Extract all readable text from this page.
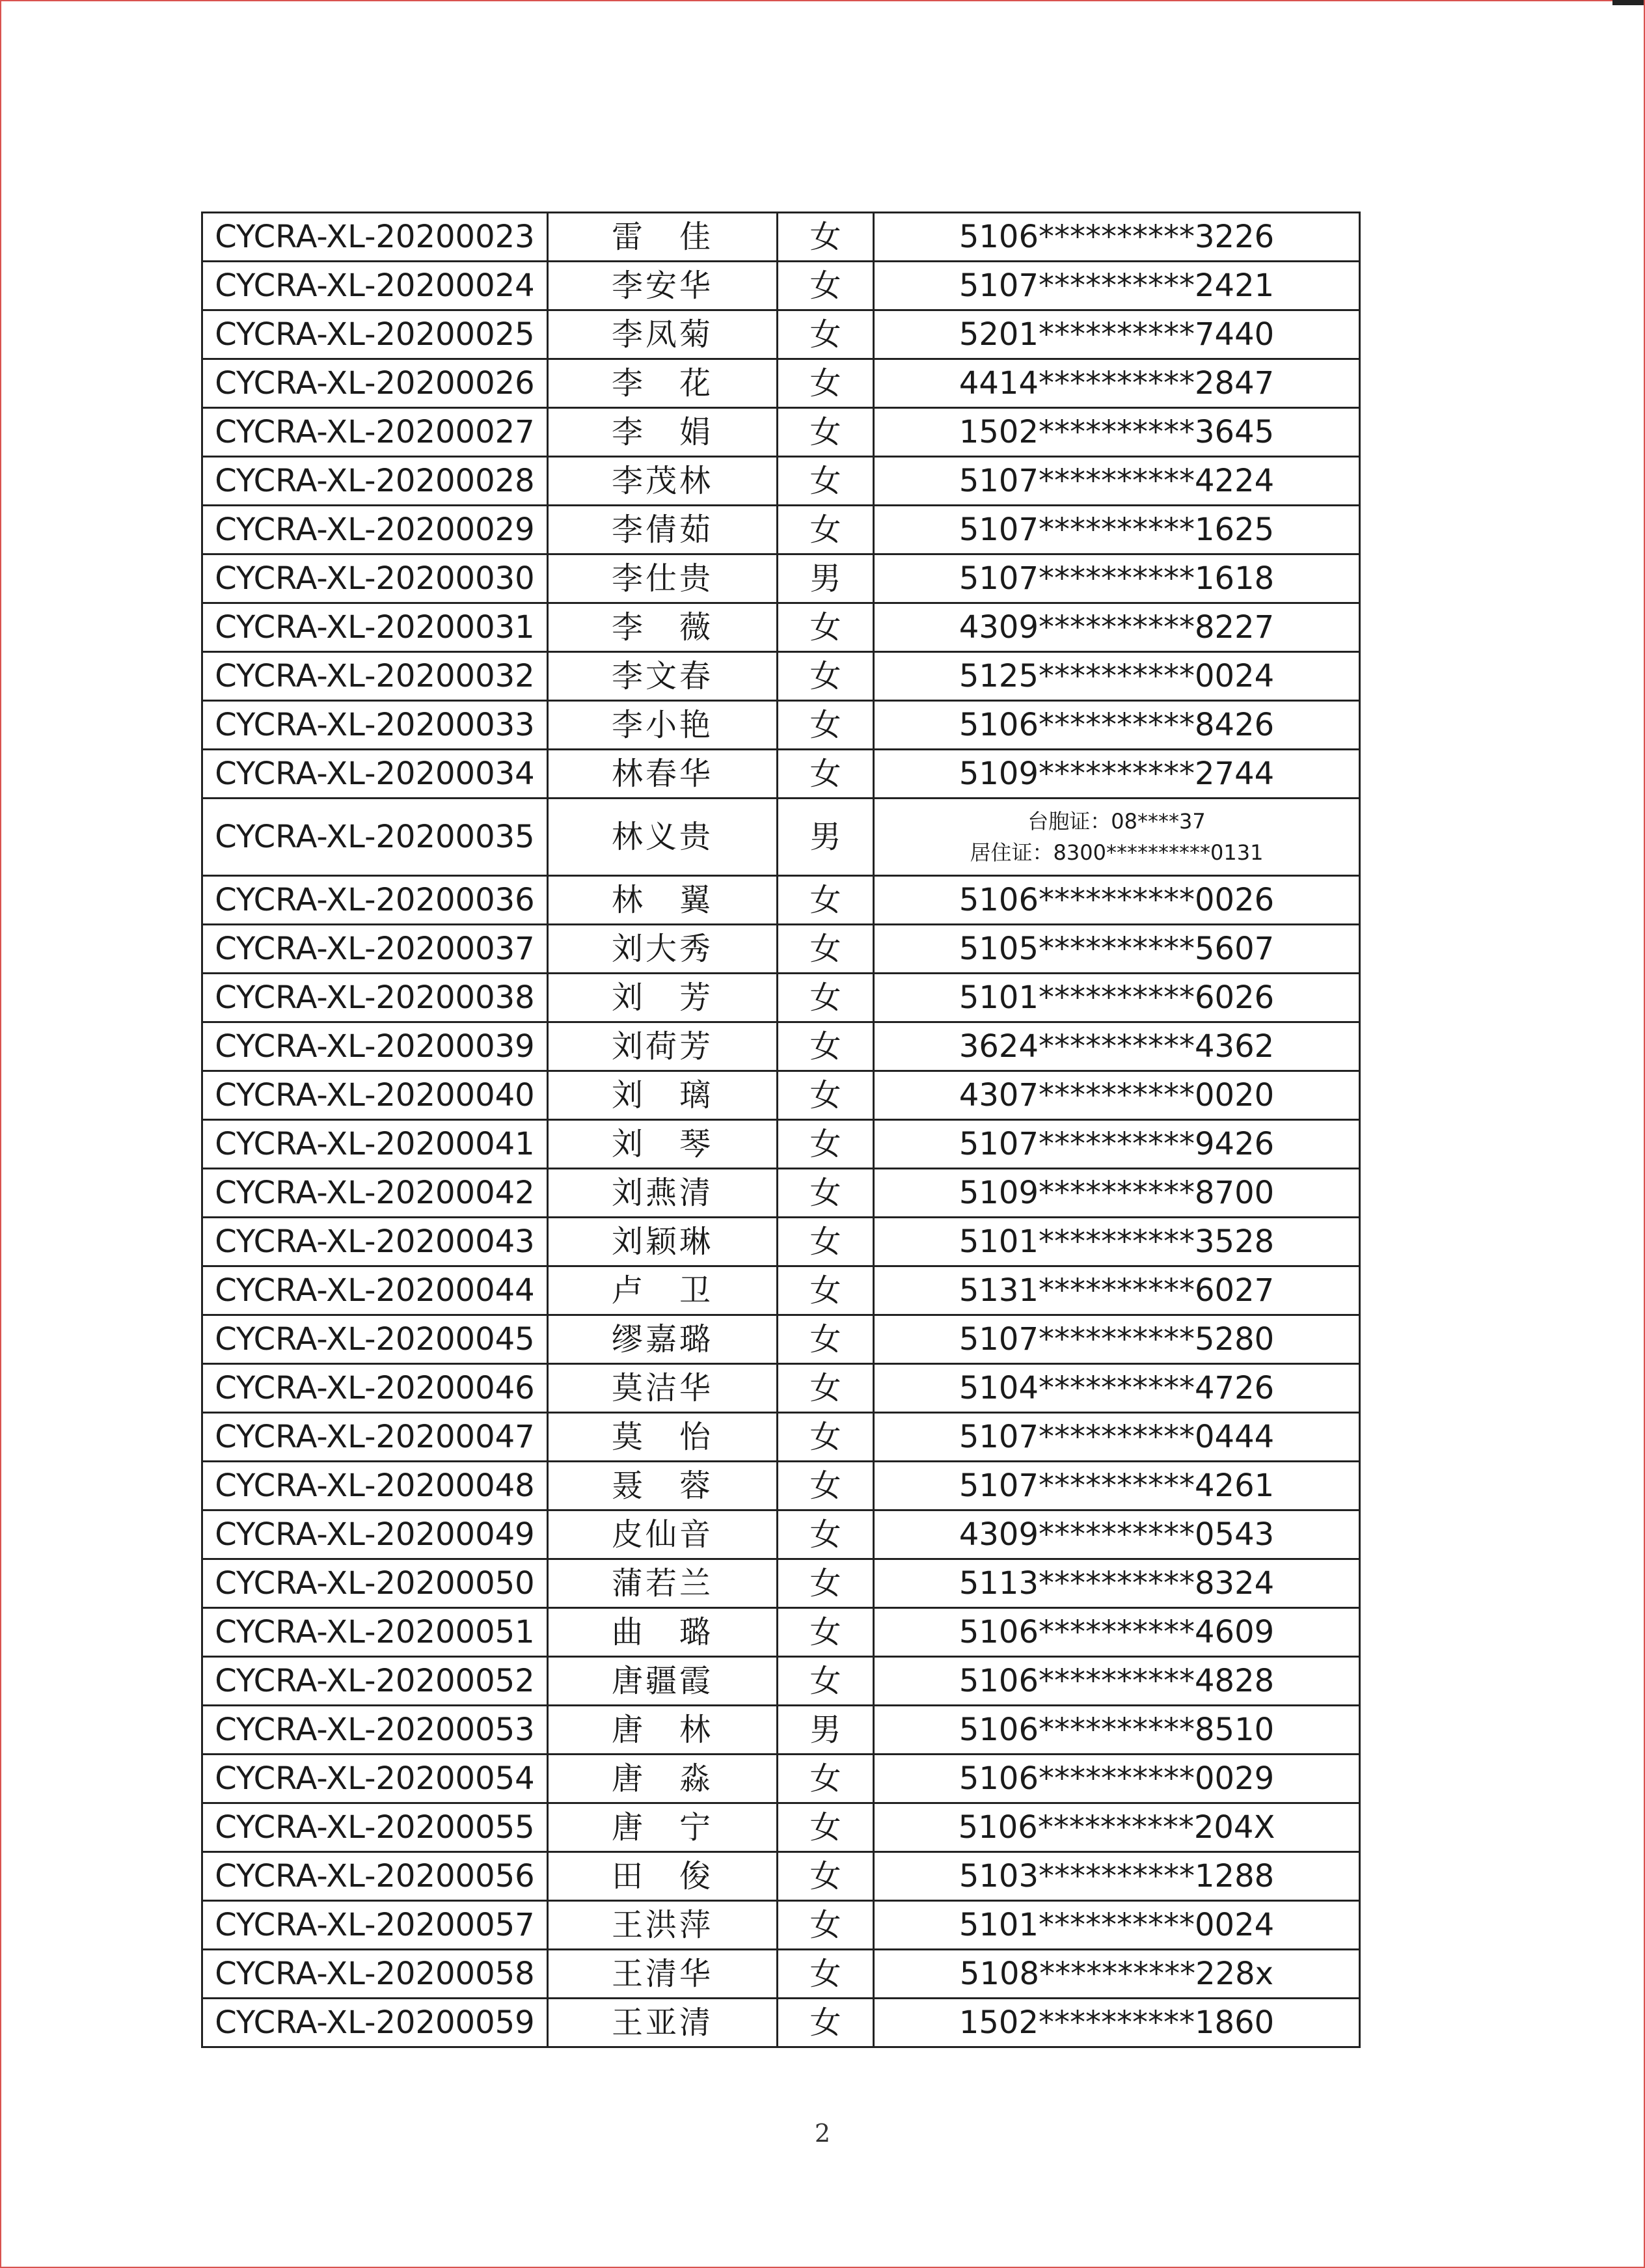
CYCRA-XL-20200023	雷　佳	女	5106**********3226
CYCRA-XL-20200024	李安华	女	5107**********2421
CYCRA-XL-20200025	李凤菊	女	5201**********7440
CYCRA-XL-20200026	李　花	女	4414**********2847
CYCRA-XL-20200027	李　娟	女	1502**********3645
CYCRA-XL-20200028	李茂林	女	5107**********4224
CYCRA-XL-20200029	李倩茹	女	5107**********1625
CYCRA-XL-20200030	李仕贵	男	5107**********1618
CYCRA-XL-20200031	李　薇	女	4309**********8227
CYCRA-XL-20200032	李文春	女	5125**********0024
CYCRA-XL-20200033	李小艳	女	5106**********8426
CYCRA-XL-20200034	林春华	女	5109**********2744
CYCRA-XL-20200035	林义贵	男	台胞证：08****37
居住证：8300**********0131

CYCRA-XL-20200036	林　翼	女	5106**********0026
CYCRA-XL-20200037	刘大秀	女	5105**********5607
CYCRA-XL-20200038	刘　芳	女	5101**********6026
CYCRA-XL-20200039	刘荷芳	女	3624**********4362
CYCRA-XL-20200040	刘　璃	女	4307**********0020
CYCRA-XL-20200041	刘　琴	女	5107**********9426
CYCRA-XL-20200042	刘燕清	女	5109**********8700
CYCRA-XL-20200043	刘颖琳	女	5101**********3528
CYCRA-XL-20200044	卢　卫	女	5131**********6027
CYCRA-XL-20200045	缪嘉璐	女	5107**********5280
CYCRA-XL-20200046	莫洁华	女	5104**********4726
CYCRA-XL-20200047	莫　怡	女	5107**********0444
CYCRA-XL-20200048	聂　蓉	女	5107**********4261
CYCRA-XL-20200049	皮仙音	女	4309**********0543
CYCRA-XL-20200050	蒲若兰	女	5113**********8324
CYCRA-XL-20200051	曲　璐	女	5106**********4609
CYCRA-XL-20200052	唐疆霞	女	5106**********4828
CYCRA-XL-20200053	唐　林	男	5106**********8510
CYCRA-XL-20200054	唐　淼	女	5106**********0029
CYCRA-XL-20200055	唐　宁	女	5106**********204X
CYCRA-XL-20200056	田　俊	女	5103**********1288
CYCRA-XL-20200057	王洪萍	女	5101**********0024
CYCRA-XL-20200058	王清华	女	5108**********228x
CYCRA-XL-20200059	王亚清	女	1502**********1860
2
